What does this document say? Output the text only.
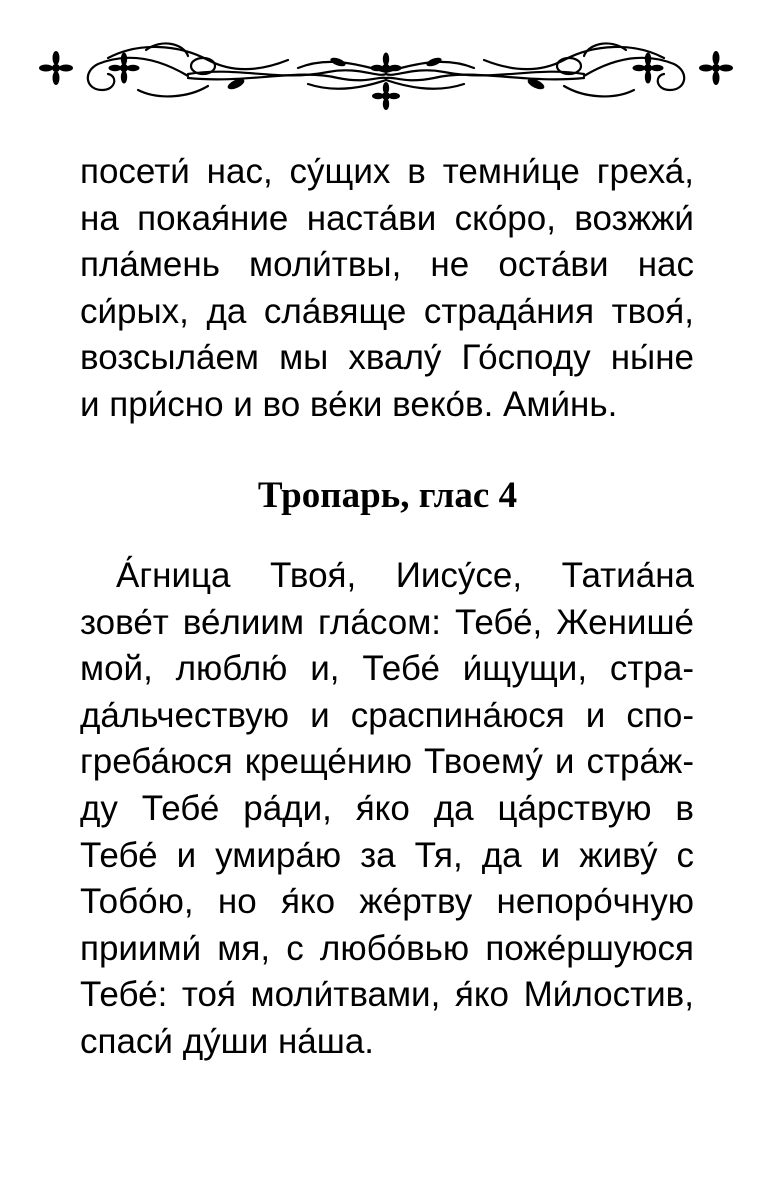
посети́ нас, су́щих в темни́це греха́,
на покая́ние наста́ви ско́ро, возжжи́
пла́мень моли́твы, не оста́ви нас
си́рых, да сла́вяще страда́ния твоя́,
возсыла́ем мы хвалу́ Го́споду ны́не
и при́сно и во ве́ки веко́в. Ами́нь.
Тропарь, глас 4
А́гница Твоя́, Иису́се, Татиа́на
зове́т ве́лиим гла́сом: Тебе́, Женише́
мой, люблю́ и, Тебе́ и́щущи, стра-
да́льчествую и сраспина́юся и спо-
греба́юся креще́нию Твоему́ и стра́ж-
ду Тебе́ ра́ди, я́ко да ца́рствую в
Тебе́ и умира́ю за Тя, да и живу́ с
Тобо́ю, но я́ко же́ртву непоро́чную
приими́ мя, с любо́вью поже́ршуюся
Тебе́: тоя́ моли́твами, я́ко Ми́лостив,
спаси́ ду́ши на́ша.
